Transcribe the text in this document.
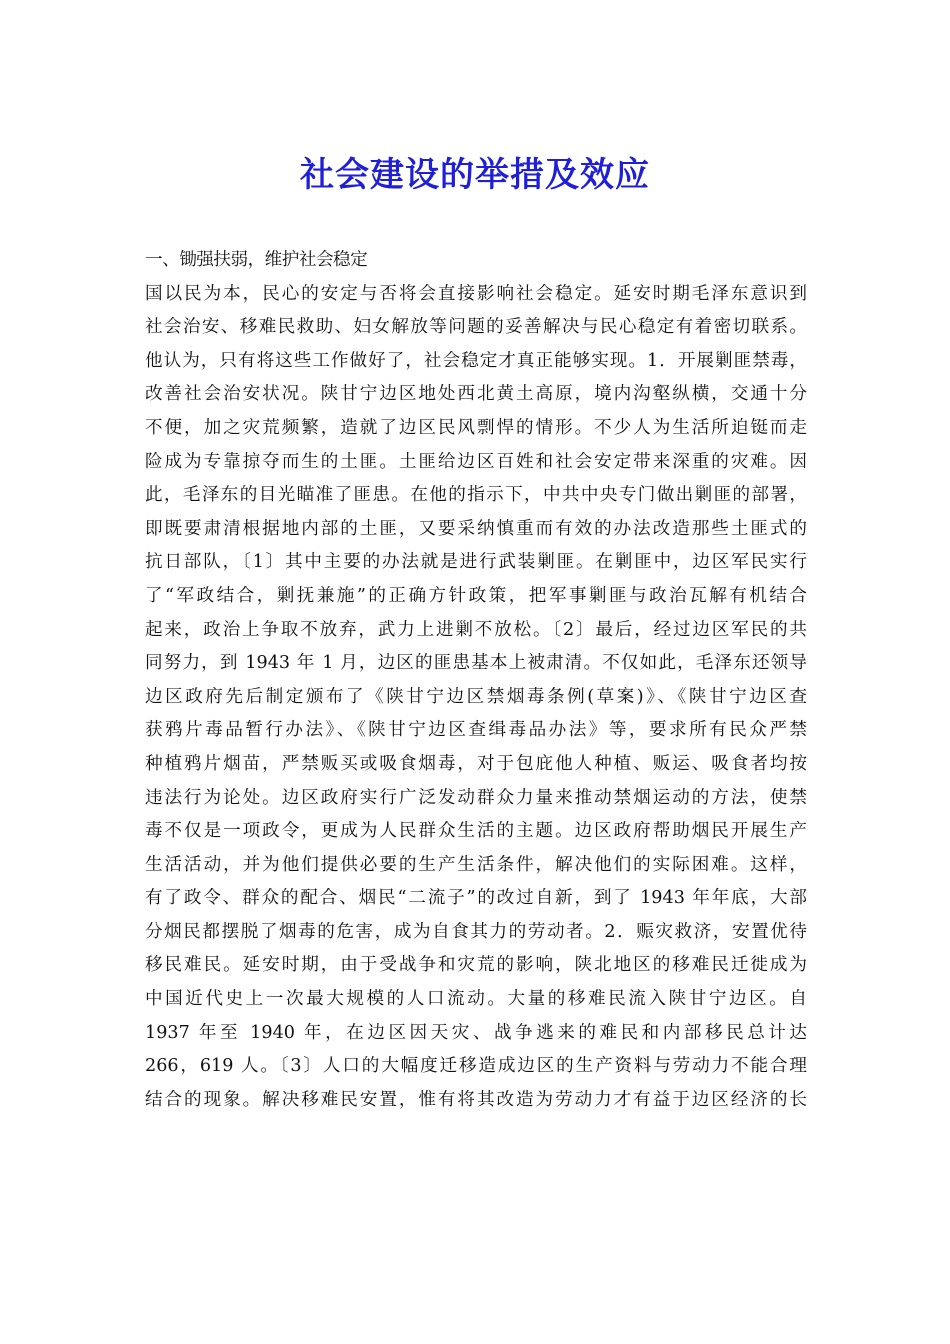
社会建设的举措及效应
一、锄强扶弱，维护社会稳定
国以民为本，民心的安定与否将会直接影响社会稳定。延安时期毛泽东意识到
社会治安、移难民救助、妇女解放等问题的妥善解决与民心稳定有着密切联系。
他认为，只有将这些工作做好了，社会稳定才真正能够实现。1．开展剿匪禁毒，
改善社会治安状况。陕甘宁边区地处西北黄土高原，境内沟壑纵横，交通十分
不便，加之灾荒频繁，造就了边区民风剽悍的情形。不少人为生活所迫铤而走
险成为专靠掠夺而生的土匪。土匪给边区百姓和社会安定带来深重的灾难。因
此，毛泽东的目光瞄准了匪患。在他的指示下，中共中央专门做出剿匪的部署，
即既要肃清根据地内部的土匪，又要采纳慎重而有效的办法改造那些土匪式的
抗日部队，〔1〕其中主要的办法就是进行武装剿匪。在剿匪中，边区军民实行
了“军政结合，剿抚兼施”的正确方针政策，把军事剿匪与政治瓦解有机结合
起来，政治上争取不放弃，武力上进剿不放松。〔2〕最后，经过边区军民的共
同努力，到 1943 年 1 月，边区的匪患基本上被肃清。不仅如此，毛泽东还领导
边区政府先后制定颁布了《陕甘宁边区禁烟毒条例(草案)》、《陕甘宁边区查
获鸦片毒品暂行办法》、《陕甘宁边区查缉毒品办法》等，要求所有民众严禁
种植鸦片烟苗，严禁贩买或吸食烟毒，对于包庇他人种植、贩运、吸食者均按
违法行为论处。边区政府实行广泛发动群众力量来推动禁烟运动的方法，使禁
毒不仅是一项政令，更成为人民群众生活的主题。边区政府帮助烟民开展生产
生活活动，并为他们提供必要的生产生活条件，解决他们的实际困难。这样，
有了政令、群众的配合、烟民“二流子”的改过自新，到了 1943 年年底，大部
分烟民都摆脱了烟毒的危害，成为自食其力的劳动者。2．赈灾救济，安置优待
移民难民。延安时期，由于受战争和灾荒的影响，陕北地区的移难民迁徙成为
中国近代史上一次最大规模的人口流动。大量的移难民流入陕甘宁边区。自
1937 年至 1940 年，在边区因天灾、战争逃来的难民和内部移民总计达
266，619 人。〔3〕人口的大幅度迁移造成边区的生产资料与劳动力不能合理
结合的现象。解决移难民安置，惟有将其改造为劳动力才有益于边区经济的长
